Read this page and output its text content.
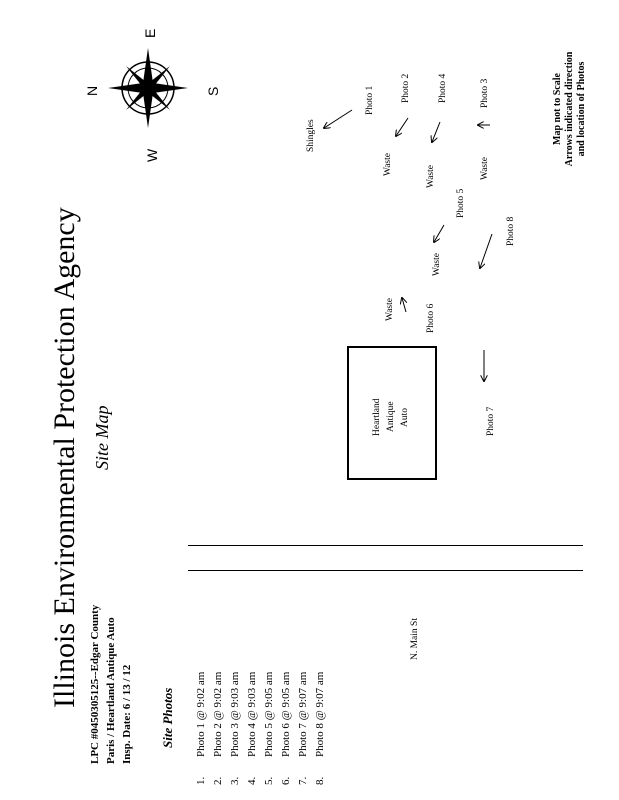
Illinois Environmental Protection Agency Site Map
LPC #0450305125--Edgar County Paris / Heartland Antique Auto Insp. Date: 6 / 13 / 12 Site Photos
1.
Photo 1 @ 9:02 am
2.
Photo 2 @ 9:02 am
3.
Photo 3 @ 9:03 am
4.
Photo 4 @ 9:03 am
5.
Photo 5 @ 9:05 am
6.
Photo 6 @ 9:05 am
7.
Photo 7 @ 9:07 am
8.
Photo 8 @ 9:07 am
N. Main St
Heartland Antique Auto
Shingles
Photo 1	Photo 2	Photo 4	Photo 3
Waste
Waste	Waste
Photo 5
Photo 8
Waste
Waste	Photo 6
Photo 7
Map not to Scale Arrows indicated direction and location of Photos
N
E
S
W
